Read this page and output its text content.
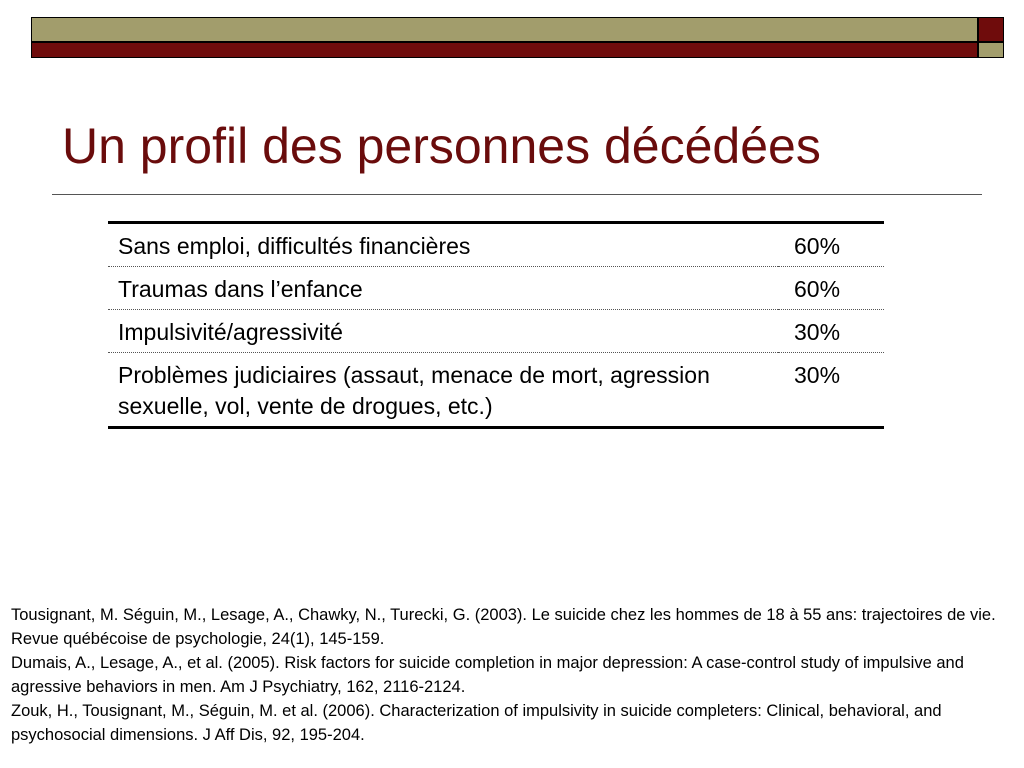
Un profil des personnes décédées
Sans emploi, difficultés financières	60%
Traumas dans l’enfance	60%
Impulsivité/agressivité	30%
Problèmes judiciaires (assaut, menace de mort, agression sexuelle, vol, vente de drogues, etc.)	30%

Tousignant, M. Séguin, M., Lesage, A., Chawky, N., Turecki, G. (2003). Le suicide chez les hommes de 18 à 55 ans: trajectoires de vie. Revue québécoise de psychologie, 24(1), 145-159.

Dumais, A., Lesage, A., et al. (2005). Risk factors for suicide completion in major depression: A case-control study of impulsive and agressive behaviors in men. Am J Psychiatry, 162, 2116-2124.

Zouk, H., Tousignant, M., Séguin, M. et al. (2006). Characterization of impulsivity in suicide completers: Clinical, behavioral, and psychosocial dimensions. J Aff Dis, 92, 195-204.
